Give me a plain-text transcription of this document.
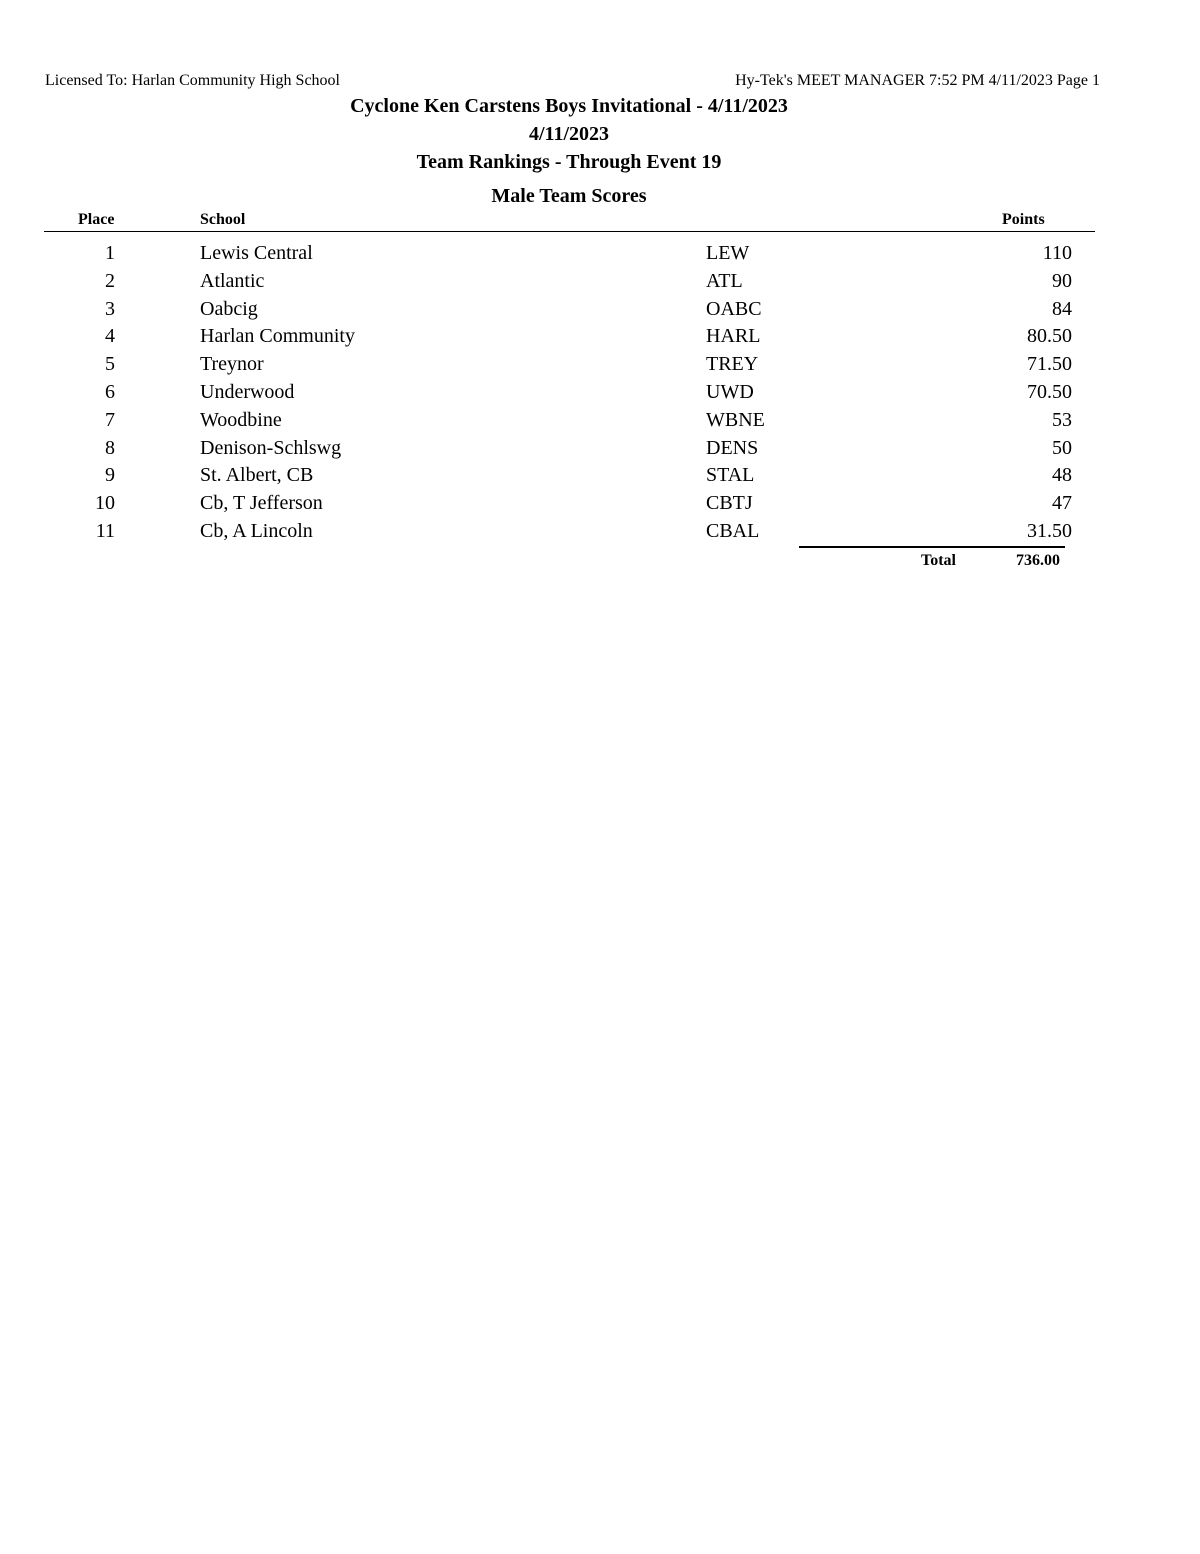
Licensed To: Harlan Community High School	Hy-Tek's MEET MANAGER 7:52 PM 4/11/2023 Page 1
Cyclone Ken Carstens Boys Invitational - 4/11/2023
4/11/2023
Team Rankings - Through Event 19
Male Team Scores
Place	School	Points
1	Lewis Central	LEW	110
2	Atlantic	ATL	90
3	Oabcig	OABC	84
4	Harlan Community	HARL	80.50
5	Treynor	TREY	71.50
6	Underwood	UWD	70.50
7	Woodbine	WBNE	53
8	Denison-Schlswg	DENS	50
9	St. Albert, CB	STAL	48
10	Cb, T Jefferson	CBTJ	47
11	Cb, A Lincoln	CBAL	31.50
Total	736.00
